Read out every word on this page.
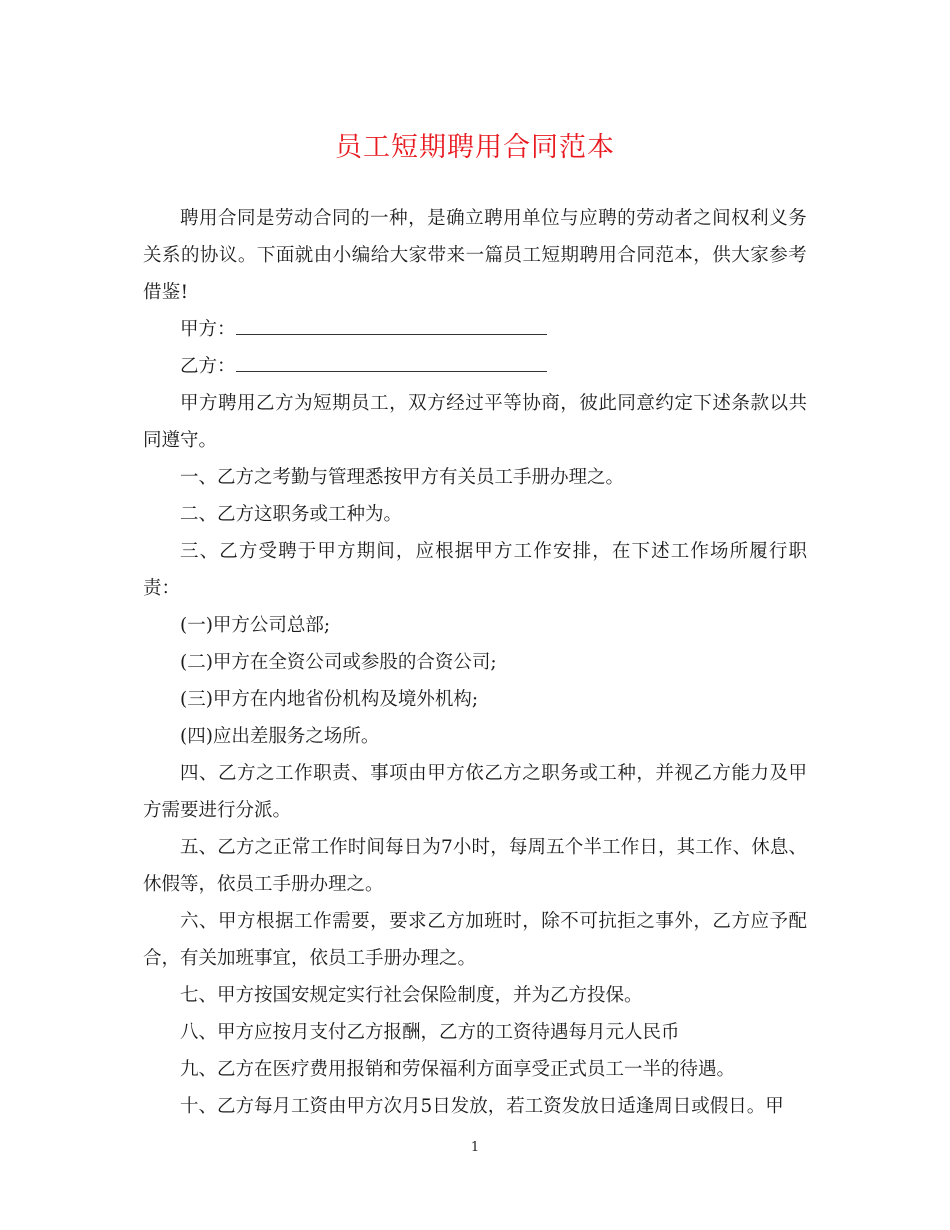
员工短期聘用合同范本

聘用合同是劳动合同的一种，是确立聘用单位与应聘的劳动者之间权利义务关系的协议。下面就由小编给大家带来一篇员工短期聘用合同范本，供大家参考借鉴!

甲方：
乙方：

甲方聘用乙方为短期员工，双方经过平等协商，彼此同意约定下述条款以共同遵守。

一、乙方之考勤与管理悉按甲方有关员工手册办理之。

二、乙方这职务或工种为。

三、乙方受聘于甲方期间，应根据甲方工作安排，在下述工作场所履行职责：

(一)甲方公司总部;

(二)甲方在全资公司或参股的合资公司;

(三)甲方在内地省份机构及境外机构;

(四)应出差服务之场所。

四、乙方之工作职责、事项由甲方依乙方之职务或工种，并视乙方能力及甲方需要进行分派。

五、乙方之正常工作时间每日为7小时，每周五个半工作日，其工作、休息、休假等，依员工手册办理之。

六、甲方根据工作需要，要求乙方加班时，除不可抗拒之事外，乙方应予配合，有关加班事宜，依员工手册办理之。

七、甲方按国安规定实行社会保险制度，并为乙方投保。

八、甲方应按月支付乙方报酬，乙方的工资待遇每月元人民币

九、乙方在医疗费用报销和劳保福利方面享受正式员工一半的待遇。

十、乙方每月工资由甲方次月5日发放，若工资发放日适逢周日或假日。甲

1
